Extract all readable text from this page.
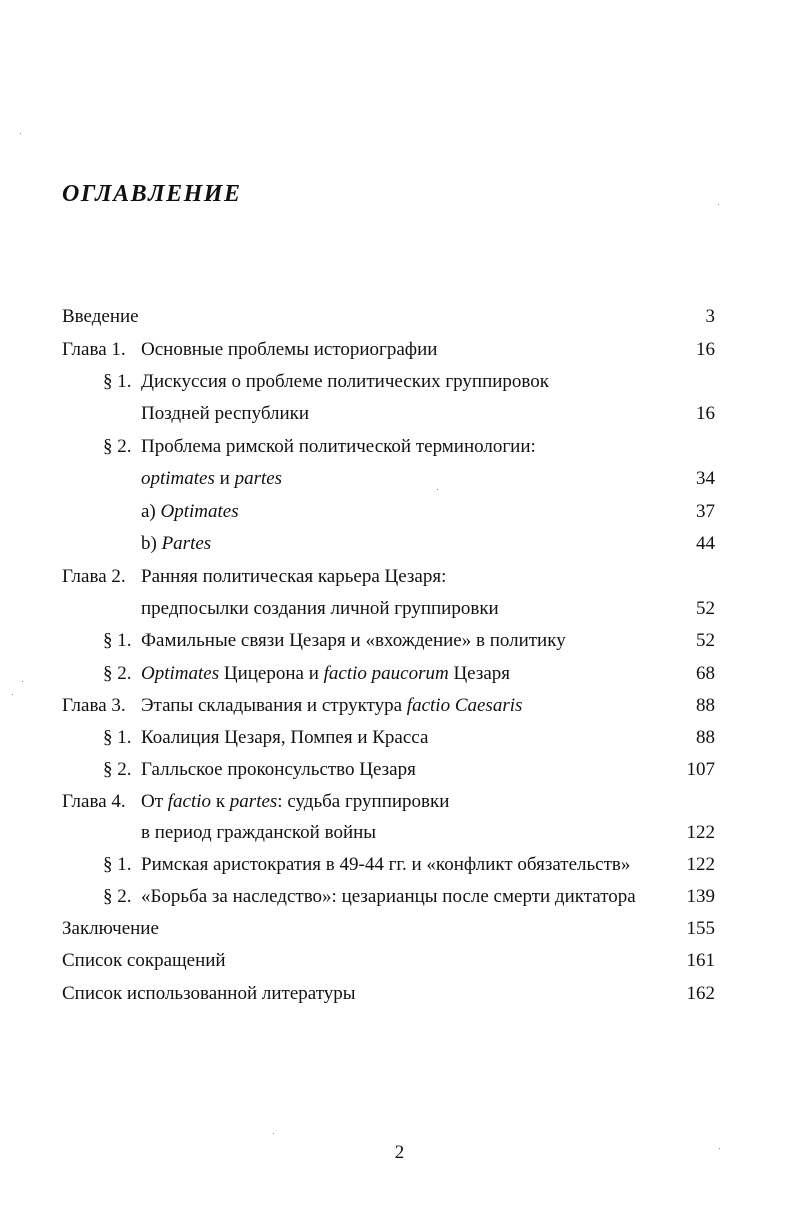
ОГЛАВЛЕНИЕ
Введение	3
Глава 1. Основные проблемы историографии	16
§ 1. Дискуссия о проблеме политических группировок
Поздней республики	16
§ 2. Проблема римской политической терминологии:
optimates и partes	34
a) Optimates	37
b) Partes	44
Глава 2. Ранняя политическая карьера Цезаря:
предпосылки создания личной группировки	52
§ 1. Фамильные связи Цезаря и «вхождение» в политику	52
§ 2. Optimates Цицерона и factio paucorum Цезаря	68
Глава 3. Этапы складывания и структура factio Caesaris	88
§ 1. Коалиция Цезаря, Помпея и Красса	88
§ 2. Галльское проконсульство Цезаря	107
Глава 4. От factio к partes: судьба группировки
в период гражданской войны	122
§ 1. Римская аристократия в 49-44 гг. и «конфликт обязательств»	122
§ 2. «Борьба за наследство»: цезарианцы после смерти диктатора	139
Заключение	155
Список сокращений	161
Список использованной литературы	162
2
